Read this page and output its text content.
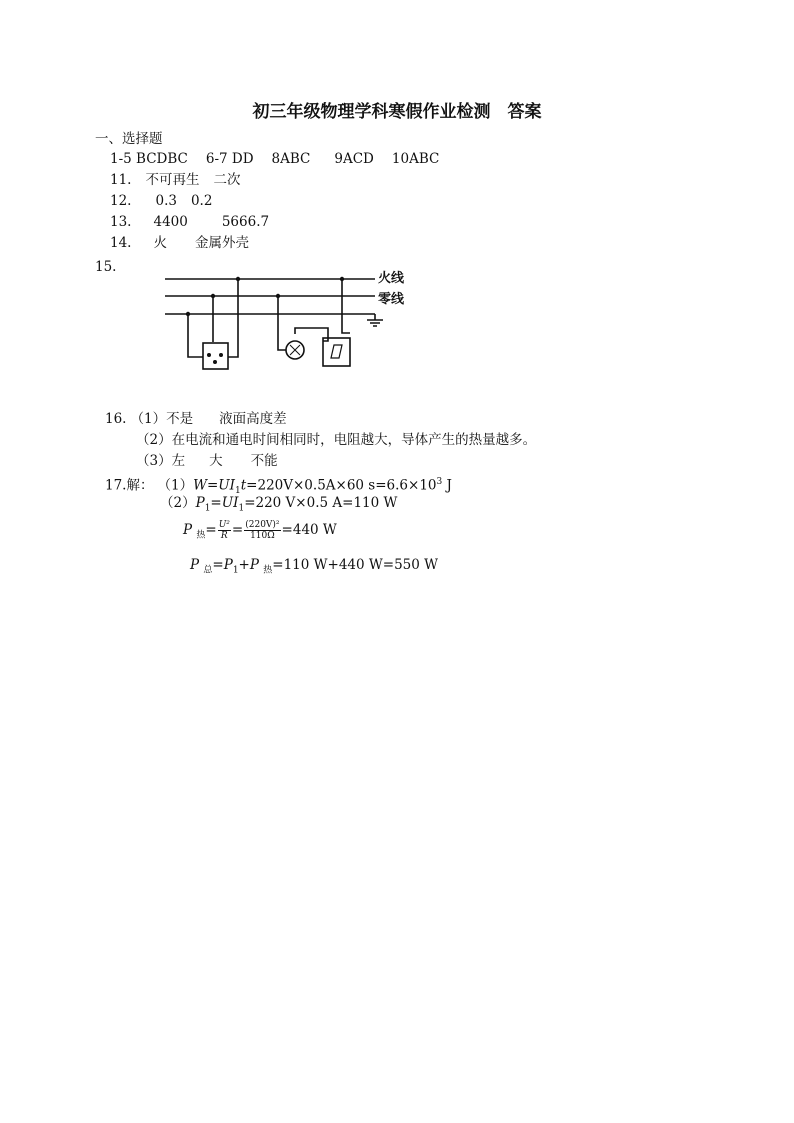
初三年级物理学科寒假作业检测　答案
一、选择题
1-5 BCDBC 6-7 DD 8ABC 9ACD 10ABC
11. 不可再生 二次
12. 0.3 0.2
13. 4400	5666.7
14. 火 金属外壳
15.
火线
零线
16. （1）不是 液面高度差
（2）在电流和通电时间相同时，电阻越大，导体产生的热量越多。
（3）左 大 不能
17.解： $(1)W=UI_1t=220V\times 0.5A\times 60$ $s=6.6\times 10^3$ J
$(2)P_1=UI_1=220$ V×0.5 A=110 W
P $_热= \frac{\text{U²}}{R} = \frac{\text{(220V)²}}{110\Omega} =440$ W
P $_总=P_1+P$ $_热$=110 W+440 W=550 W
